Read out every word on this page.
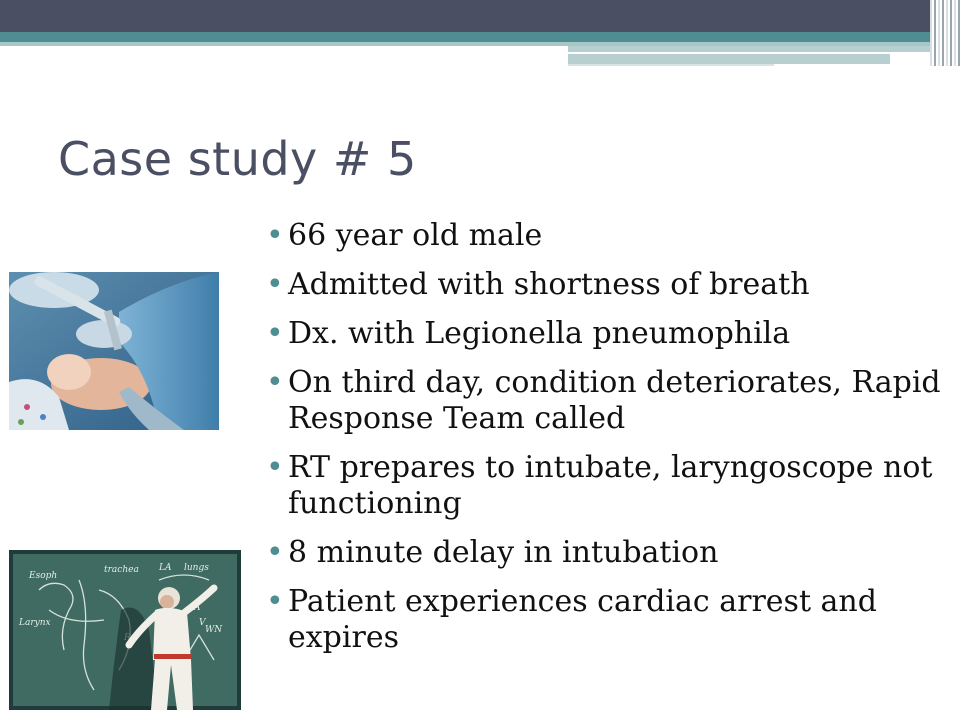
Case study # 5
• 66 year old male
• Admitted with shortness of breath
• Dx. with Legionella pneumophila
• On third day, condition deteriorates, Rapid Response Team called
• RT prepares to intubate, laryngoscope not functioning
• 8 minute delay in intubation
• Patient experiences cardiac arrest and expires
Esoph
Larynx
trachea LA lungs
A
V
WN
